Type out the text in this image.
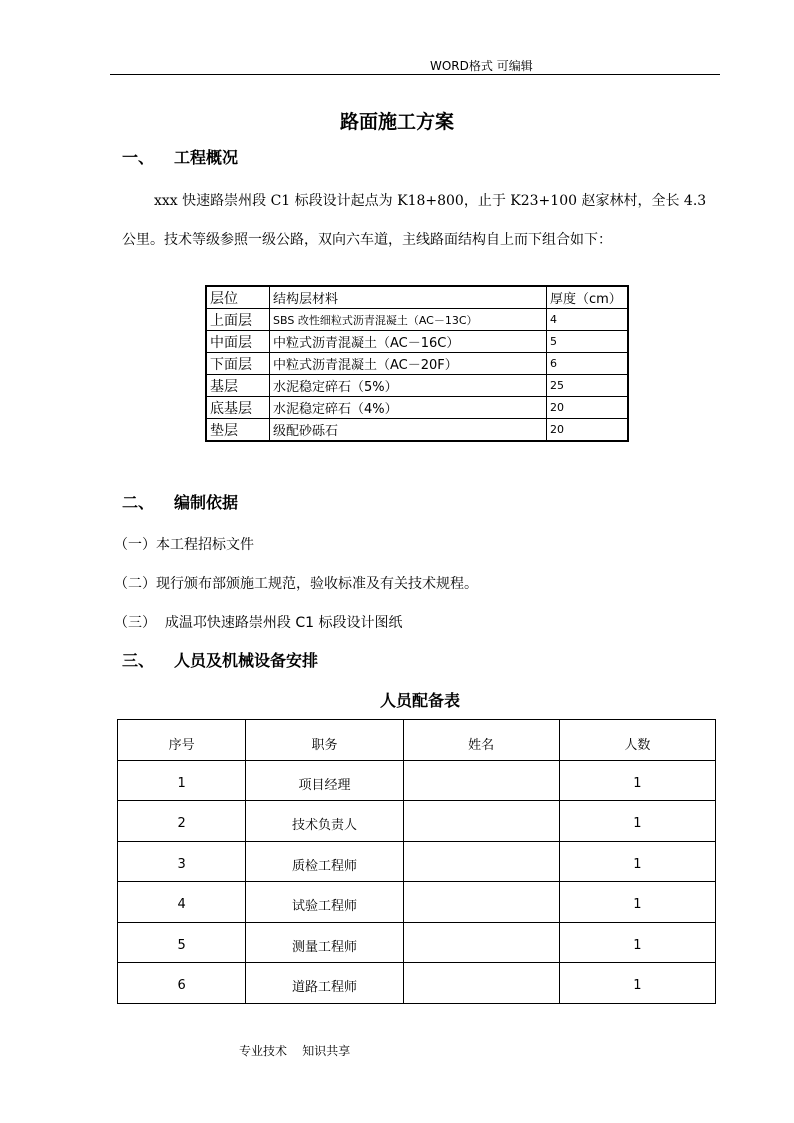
WORD格式 可编辑
路面施工方案
一、 工程概况
xxx 快速路崇州段 C1 标段设计起点为 K18+800，止于 K23+100 赵家林村，全长 4.3
公里。技术等级参照一级公路，双向六车道，主线路面结构自上而下组合如下：
层位	结构层材料	厚度（cm）
上面层	SBS 改性细粒式沥青混凝土（AC－13C）	4
中面层	中粒式沥青混凝土（AC－16C）	5
下面层	中粒式沥青混凝土（AC－20F）	6
基层	水泥稳定碎石（5%）	25
底基层	水泥稳定碎石（4%）	20
垫层	级配砂砾石	20
二、 编制依据
（一）本工程招标文件
（二）现行颁布部颁施工规范，验收标准及有关技术规程。
（三）  成温邛快速路崇州段 C1 标段设计图纸
三、 人员及机械设备安排
人员配备表
序号	职务	姓名	人数
1	项目经理		1
2	技术负责人		1
3	质检工程师		1
4	试验工程师		1
5	测量工程师		1
6	道路工程师		1
专业技术    知识共享
